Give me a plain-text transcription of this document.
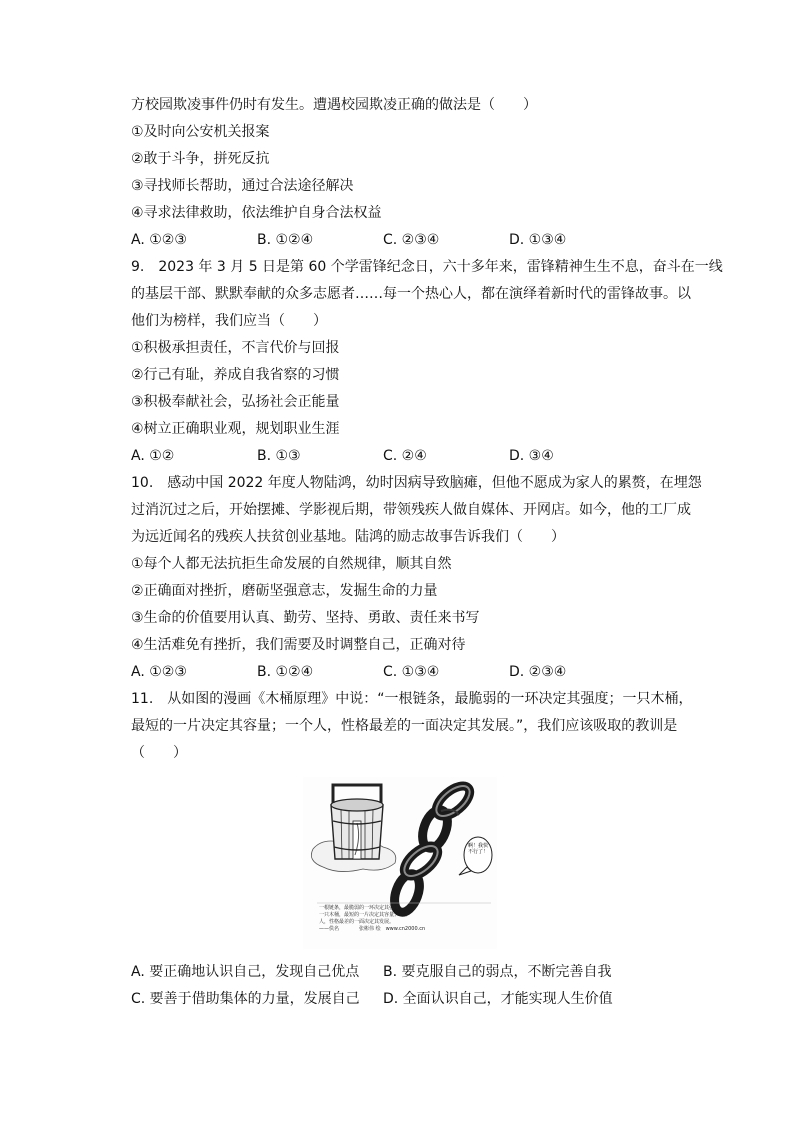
方校园欺凌事件仍时有发生。遭遇校园欺凌正确的做法是（　　）
①及时向公安机关报案
②敢于斗争，拼死反抗
③寻找师长帮助，通过合法途径解决
④寻求法律救助，依法维护自身合法权益
A. ①②③	B. ①②④	C. ②③④	D. ①③④
9.　2023 年 3 月 5 日是第 60 个学雷锋纪念日，六十多年来，雷锋精神生生不息，奋斗在一线
的基层干部、默默奉献的众多志愿者……每一个热心人，都在演绎着新时代的雷锋故事。以
他们为榜样，我们应当（　　）
①积极承担责任，不言代价与回报
②行己有耻，养成自我省察的习惯
③积极奉献社会，弘扬社会正能量
④树立正确职业观，规划职业生涯
A. ①②	B. ①③	C. ②④	D. ③④
10.　感动中国 2022 年度人物陆鸿，幼时因病导致脑瘫，但他不愿成为家人的累赘，在埋怨
过消沉过之后，开始摆摊、学影视后期，带领残疾人做自媒体、开网店。如今，他的工厂成
为远近闻名的残疾人扶贫创业基地。陆鸿的励志故事告诉我们（　　）
①每个人都无法抗拒生命发展的自然规律，顺其自然
②正确面对挫折，磨砺坚强意志，发掘生命的力量
③生命的价值要用认真、勤劳、坚持、勇敢、责任来书写
④生活难免有挫折，我们需要及时调整自己，正确对待
A. ①②③	B. ①②④	C. ①③④	D. ②③④
11.　从如图的漫画《木桶原理》中说：“一根链条，最脆弱的一环决定其强度；一只木桶，
最短的一片决定其容量；一个人，性格最差的一面决定其发展。”，我们应该吸取的教训是
（　　）
啊！我快不行了！
一根链条，最脆弱的一环决定其强度；
一只木桶，最短的一片决定其容量；一个
人，性格最差的一面决定其发展。
——佚名　　　　张彬伟 绘　www.cn2000.cn
A. 要正确地认识自己，发现自己优点	B. 要克服自己的弱点，不断完善自我
C. 要善于借助集体的力量，发展自己	D. 全面认识自己，才能实现人生价值
